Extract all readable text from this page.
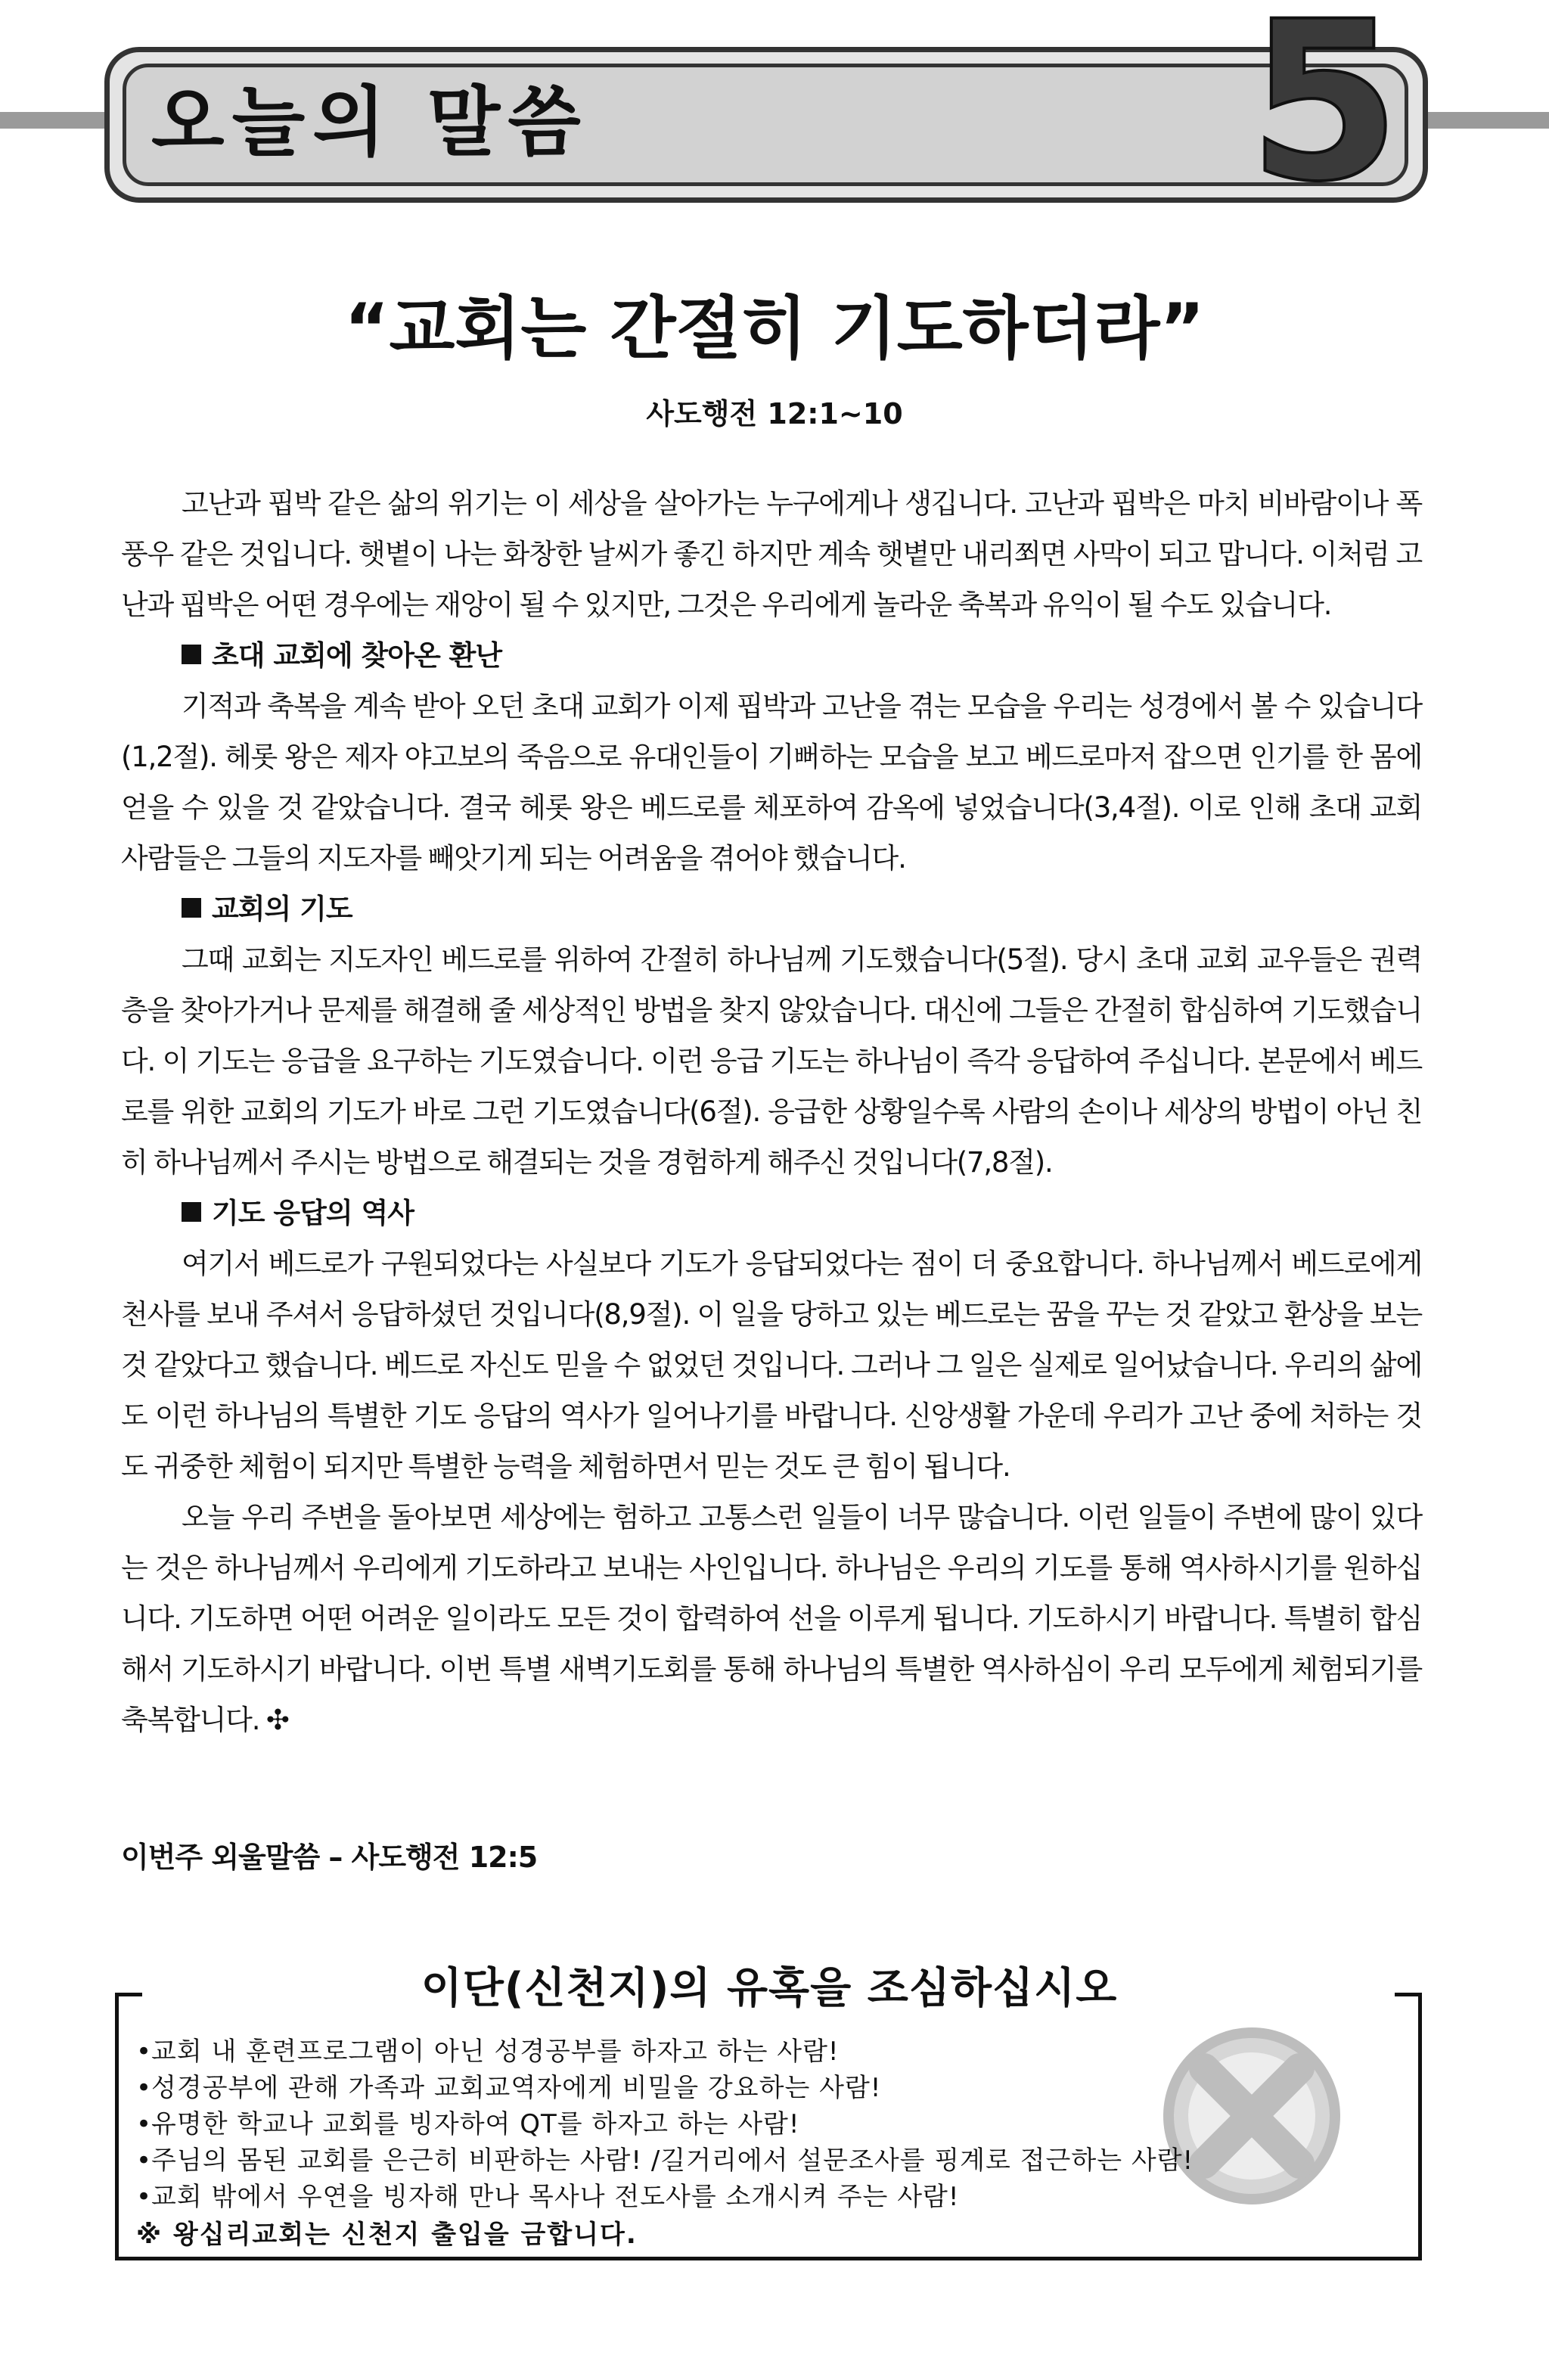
오늘의 말씀	5
“교회는 간절히 기도하더라”
사도행전 12:1~10

고난과 핍박 같은 삶의 위기는 이 세상을 살아가는 누구에게나 생깁니다. 고난과 핍박은 마치 비바람이나 폭풍우 같은 것입니다. 햇볕이 나는 화창한 날씨가 좋긴 하지만 계속 햇볕만 내리쬐면 사막이 되고 맙니다. 이처럼 고난과 핍박은 어떤 경우에는 재앙이 될 수 있지만, 그것은 우리에게 놀라운 축복과 유익이 될 수도 있습니다.

초대 교회에 찾아온 환난

기적과 축복을 계속 받아 오던 초대 교회가 이제 핍박과 고난을 겪는 모습을 우리는 성경에서 볼 수 있습니다(1,2절). 헤롯 왕은 제자 야고보의 죽음으로 유대인들이 기뻐하는 모습을 보고 베드로마저 잡으면 인기를 한 몸에 얻을 수 있을 것 같았습니다. 결국 헤롯 왕은 베드로를 체포하여 감옥에 넣었습니다(3,4절). 이로 인해 초대 교회 사람들은 그들의 지도자를 빼앗기게 되는 어려움을 겪어야 했습니다.

교회의 기도

그때 교회는 지도자인 베드로를 위하여 간절히 하나님께 기도했습니다(5절). 당시 초대 교회 교우들은 권력층을 찾아가거나 문제를 해결해 줄 세상적인 방법을 찾지 않았습니다. 대신에 그들은 간절히 합심하여 기도했습니다. 이 기도는 응급을 요구하는 기도였습니다. 이런 응급 기도는 하나님이 즉각 응답하여 주십니다. 본문에서 베드로를 위한 교회의 기도가 바로 그런 기도였습니다(6절). 응급한 상황일수록 사람의 손이나 세상의 방법이 아닌 친히 하나님께서 주시는 방법으로 해결되는 것을 경험하게 해주신 것입니다(7,8절).

기도 응답의 역사

여기서 베드로가 구원되었다는 사실보다 기도가 응답되었다는 점이 더 중요합니다. 하나님께서 베드로에게 천사를 보내 주셔서 응답하셨던 것입니다(8,9절). 이 일을 당하고 있는 베드로는 꿈을 꾸는 것 같았고 환상을 보는 것 같았다고 했습니다. 베드로 자신도 믿을 수 없었던 것입니다. 그러나 그 일은 실제로 일어났습니다. 우리의 삶에도 이런 하나님의 특별한 기도 응답의 역사가 일어나기를 바랍니다. 신앙생활 가운데 우리가 고난 중에 처하는 것도 귀중한 체험이 되지만 특별한 능력을 체험하면서 믿는 것도 큰 힘이 됩니다.

오늘 우리 주변을 돌아보면 세상에는 험하고 고통스런 일들이 너무 많습니다. 이런 일들이 주변에 많이 있다는 것은 하나님께서 우리에게 기도하라고 보내는 사인입니다. 하나님은 우리의 기도를 통해 역사하시기를 원하십니다. 기도하면 어떤 어려운 일이라도 모든 것이 합력하여 선을 이루게 됩니다. 기도하시기 바랍니다. 특별히 합심해서 기도하시기 바랍니다. 이번 특별 새벽기도회를 통해 하나님의 특별한 역사하심이 우리 모두에게 체험되기를 축복합니다. ✣

이번주 외울말씀 – 사도행전 12:5
이단(신천지)의 유혹을 조심하십시오
• 교회 내 훈련프로그램이 아닌 성경공부를 하자고 하는 사람!
• 성경공부에 관해 가족과 교회교역자에게 비밀을 강요하는 사람!
• 유명한 학교나 교회를 빙자하여 QT를 하자고 하는 사람!
• 주님의 몸된 교회를 은근히 비판하는 사람! /길거리에서 설문조사를 핑계로 접근하는 사람!
• 교회 밖에서 우연을 빙자해 만나 목사나 전도사를 소개시켜 주는 사람!
※ 왕십리교회는 신천지 출입을 금합니다.
